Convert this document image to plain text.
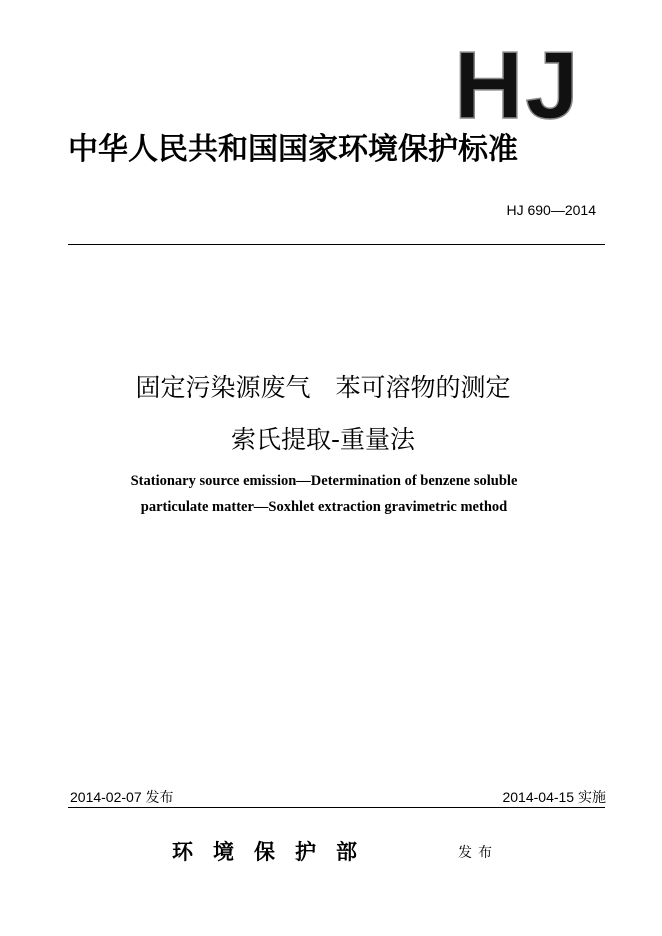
HJ
中华人民共和国国家环境保护标准
HJ 690—2014
固定污染源废气　苯可溶物的测定
索氏提取-重量法
Stationary source emission—Determination of benzene soluble
particulate matter—Soxhlet extraction gravimetric method
2014-02-07 发布	2014-04-15 实施
环境保护部	发布
